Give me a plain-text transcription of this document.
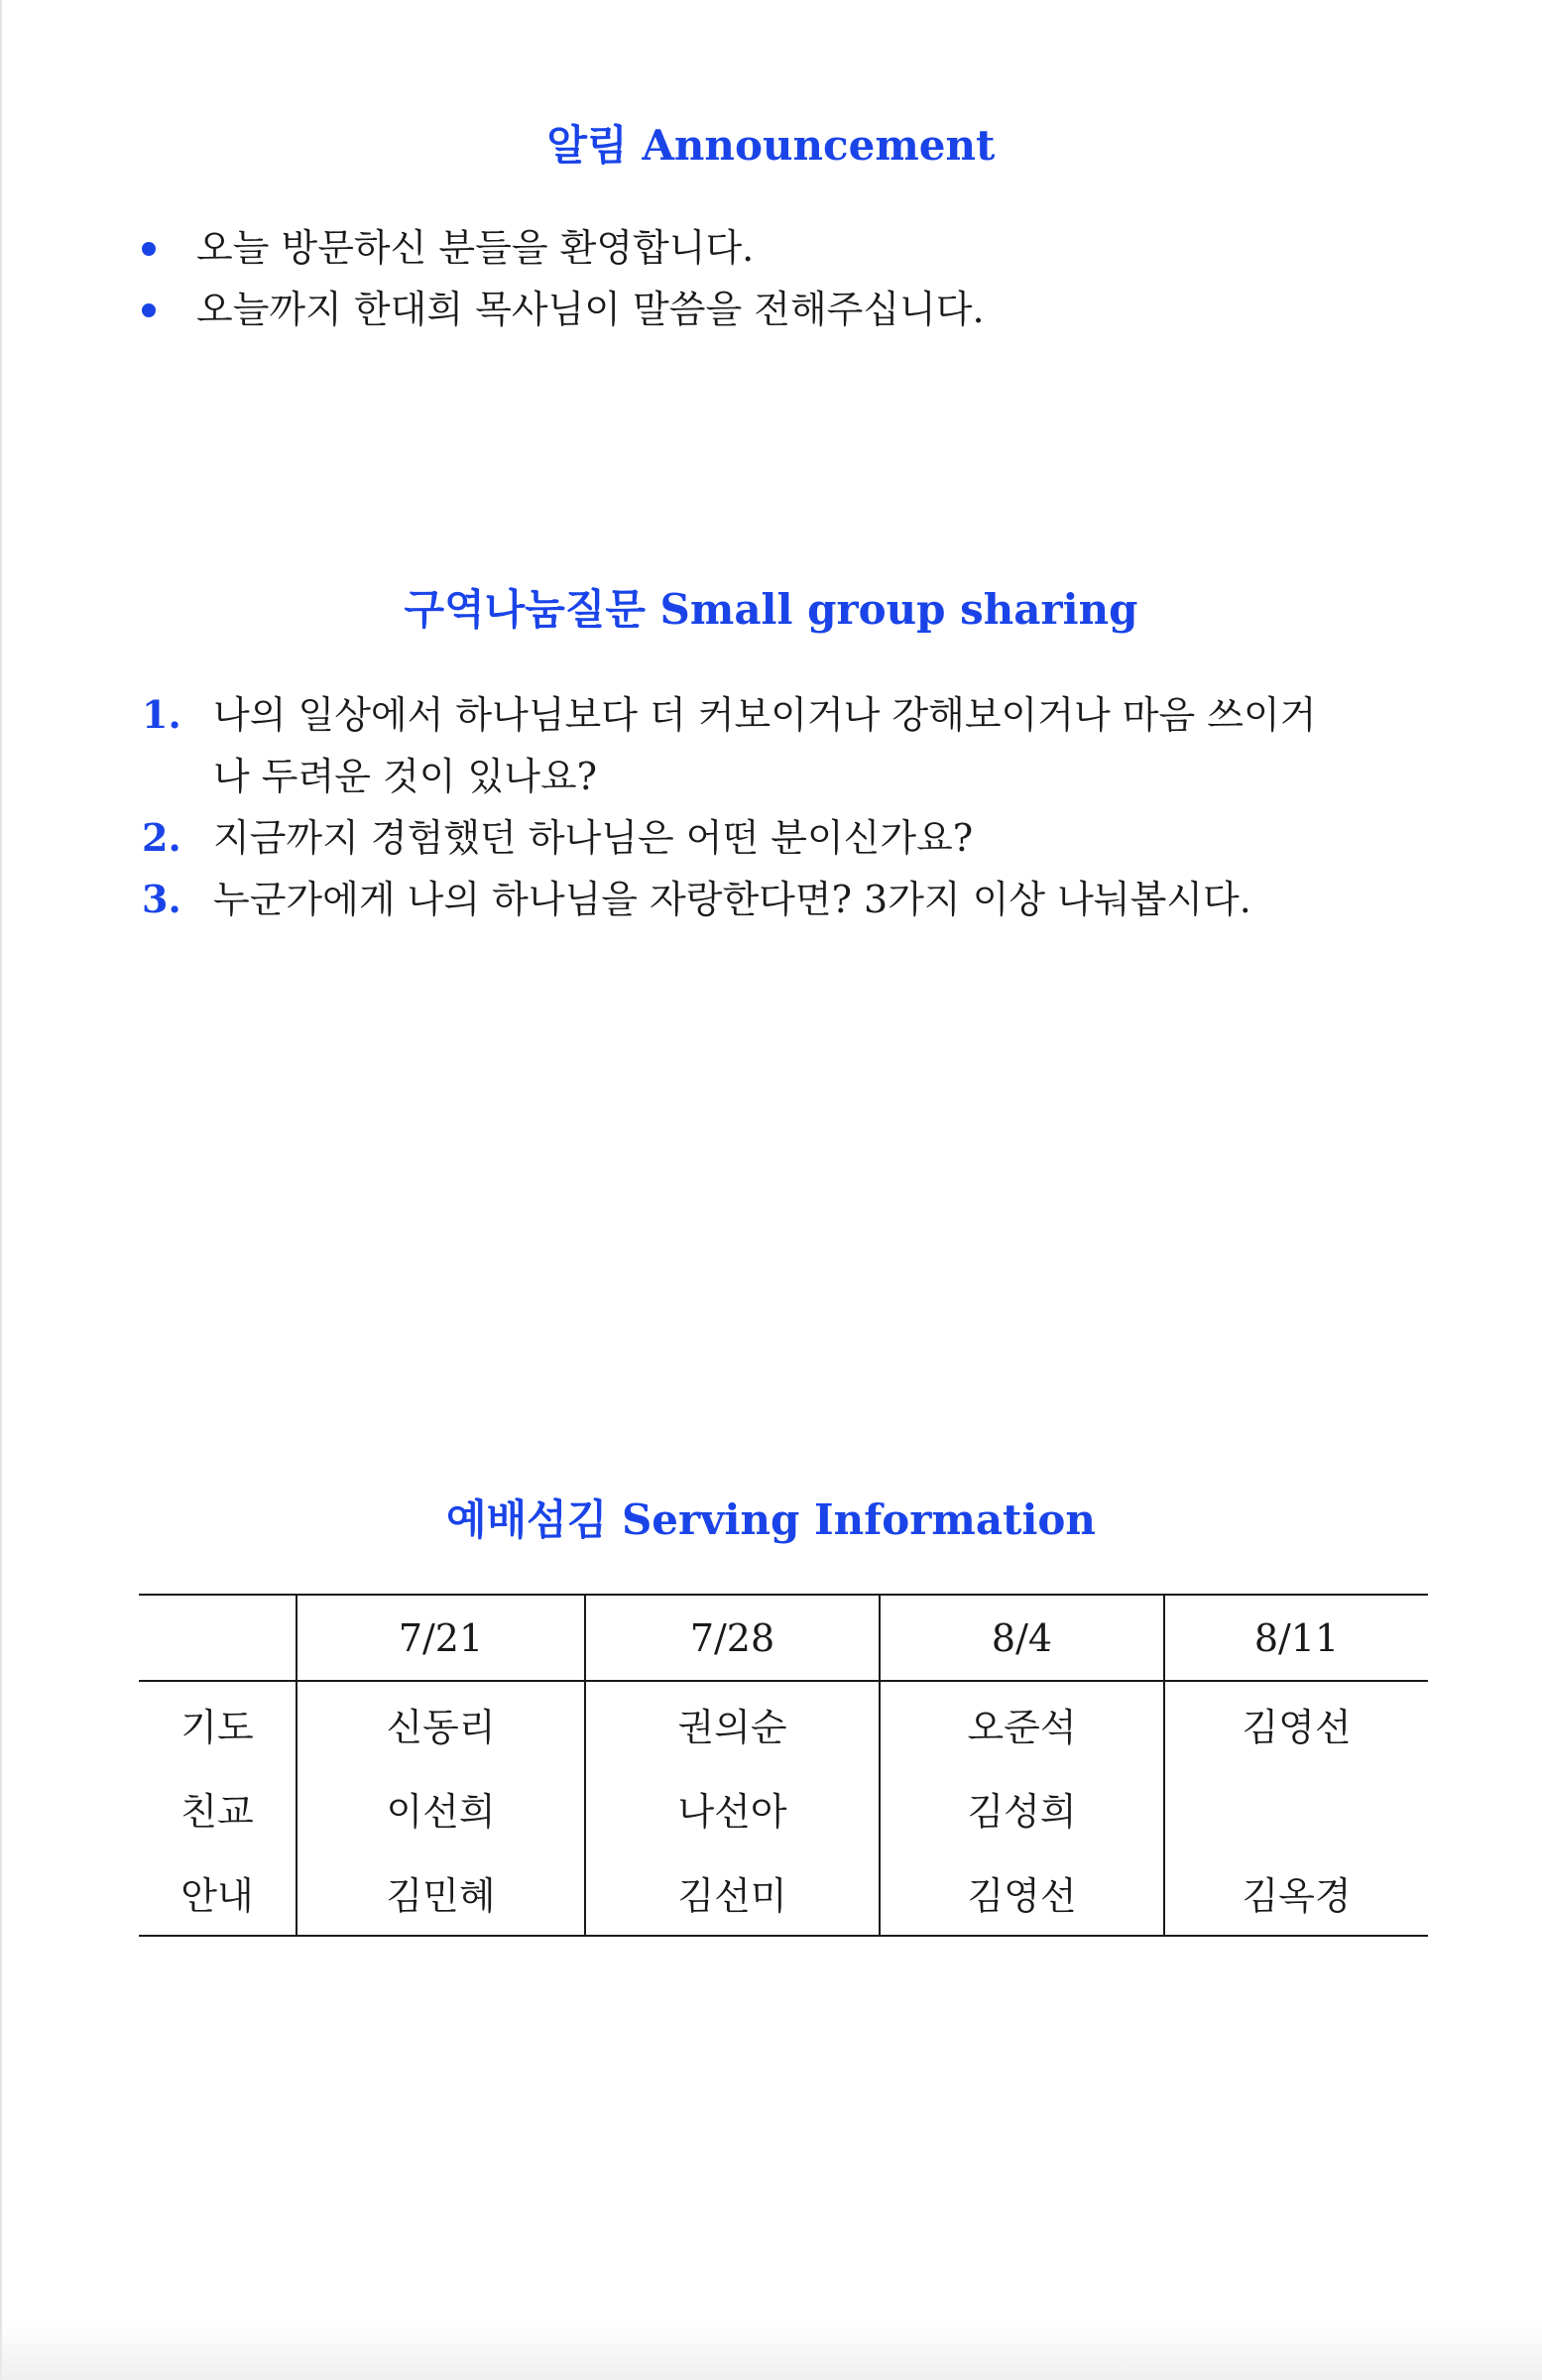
알림 Announcement
오늘 방문하신 분들을 환영합니다.
오늘까지 한대희 목사님이 말씀을 전해주십니다.
구역나눔질문 Small group sharing
1. 나의 일상에서 하나님보다 더 커보이거나 강해보이거나 마음 쓰이거나 두려운 것이 있나요?
2. 지금까지 경험했던 하나님은 어떤 분이신가요?
3. 누군가에게 나의 하나님을 자랑한다면? 3가지 이상 나눠봅시다.
예배섬김 Serving Information
	7/21	7/28	8/4	8/11
기도	신동리	권의순	오준석	김영선
친교	이선희	나선아	김성희	
안내	김민혜	김선미	김영선	김옥경
